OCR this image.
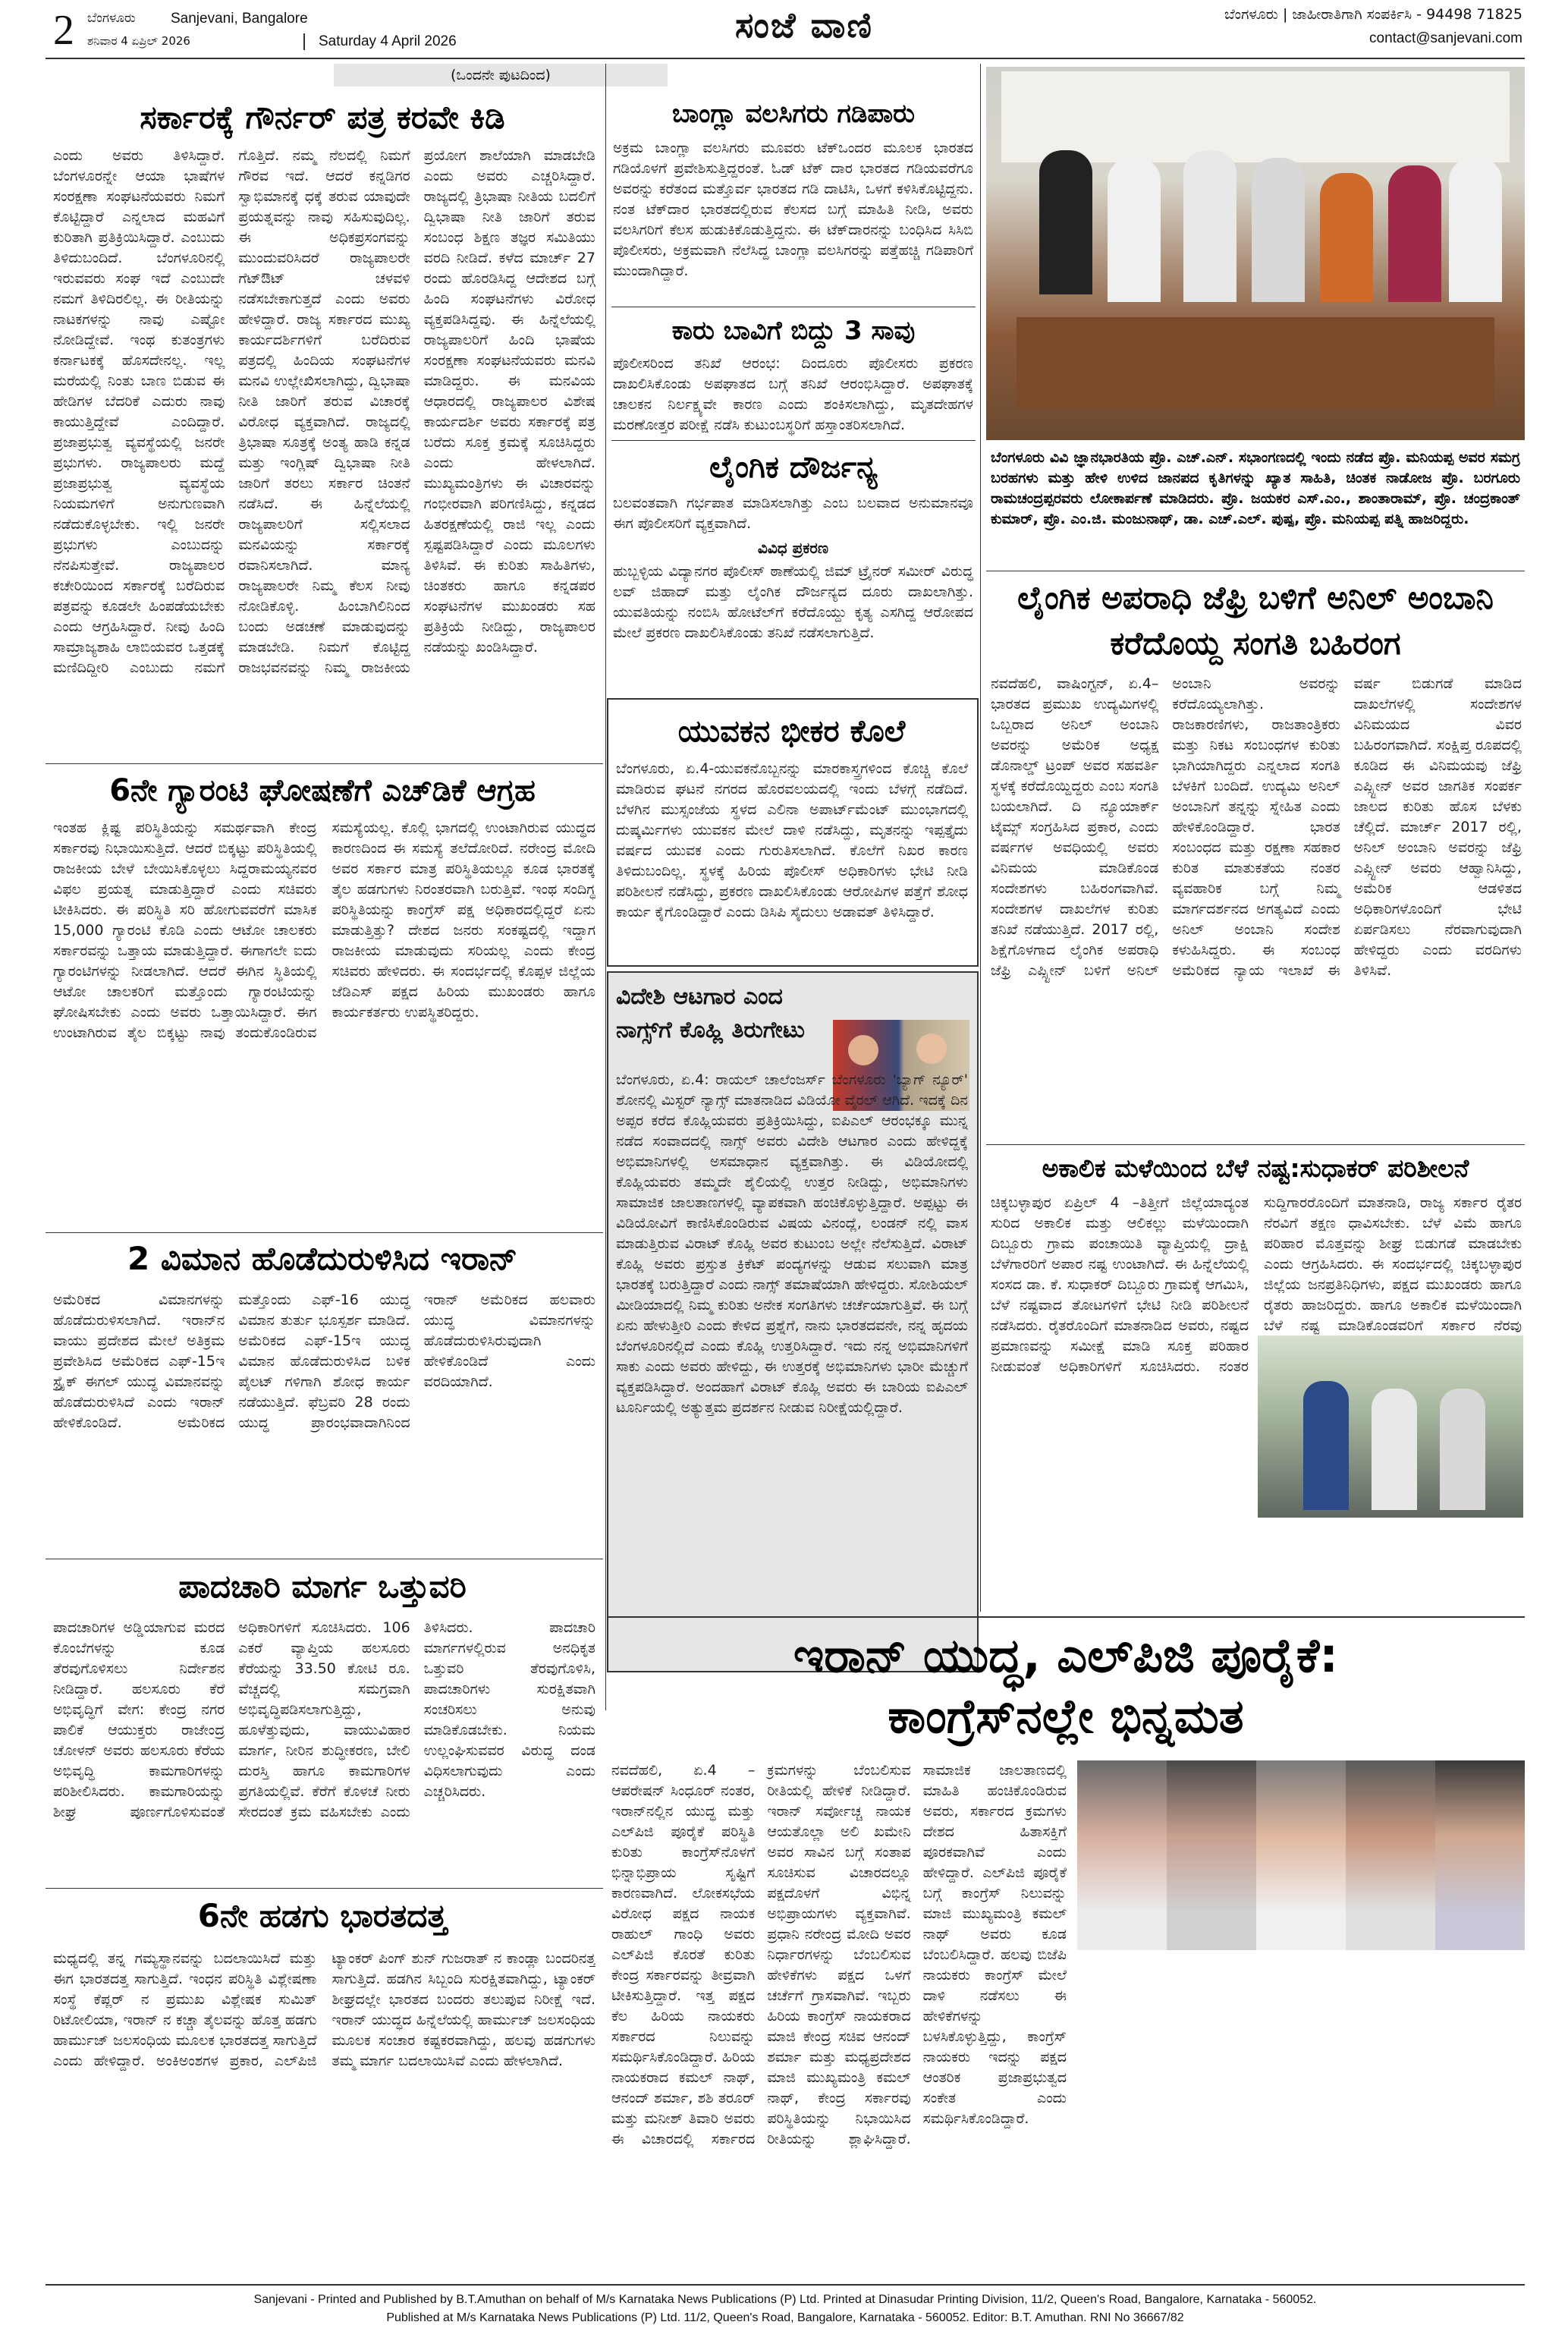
2 ಬೆಂಗಳೂರು Sanjevani, Bangalore
ಶನಿವಾರ 4 ಏಪ್ರಿಲ್ 2026	Saturday 4 April 2026	ಸಂಜೆ ವಾಣಿ	ಬೆಂಗಳೂರು | ಜಾಹೀರಾತಿಗಾಗಿ ಸಂಪರ್ಕಿಸಿ - 94498 71825
contact@sanjevani.com
(ಒಂದನೇ ಪುಟದಿಂದ)
ಸರ್ಕಾರಕ್ಕೆ ಗೌರ್ನರ್ ಪತ್ರ ಕರವೇ ಕಿಡಿ
ಎಂದು ಅವರು ತಿಳಿಸಿದ್ದಾರೆ. ಬೆಂಗಳೂರನ್ನೇ ಆಯಾ ಭಾಷೆಗಳ ಸಂರಕ್ಷಣಾ ಸಂಘಟನೆಯವರು ನಿಮಗೆ ಕೊಟ್ಟಿದ್ದಾರೆ ಎನ್ನಲಾದ ಮಹವಿಗೆ ಕುರಿತಾಗಿ ಪ್ರತಿಕ್ರಿಯಿಸಿದ್ದಾರೆ. ಎಂಬುದು ತಿಳಿದುಬಂದಿದೆ. ಬೆಂಗಳೂರಿನಲ್ಲಿ ಇರುವವರು ಸಂಘ ಇದೆ ಎಂಬುದೇ ನಮಗೆ ತಿಳಿದಿರಲಿಲ್ಲ. ಈ ರೀತಿಯನ್ನು ನಾಟಕಗಳನ್ನು ನಾವು ಎಷ್ಟೋ ನೋಡಿದ್ದೇವೆ. ಇಂಥ ಕುತಂತ್ರಗಳು ಕರ್ನಾಟಕಕ್ಕೆ ಹೊಸದೇನಲ್ಲ. ಇಲ್ಲ ಮರೆಯಲ್ಲಿ ನಿಂತು ಬಾಣ ಬಿಡುವ ಈ ಹೇಡಿಗಳ ಬೆದರಿಕೆ ಎದುರು ನಾವು ಕಾಯುತ್ತಿದ್ದೇವೆ ಎಂದಿದ್ದಾರೆ. ಪ್ರಜಾಪ್ರಭುತ್ವ ವ್ಯವಸ್ಥೆಯಲ್ಲಿ ಜನರೇ ಪ್ರಭುಗಳು. ರಾಜ್ಯಪಾಲರು ಮದ್ದೆ ಪ್ರಜಾಪ್ರಭುತ್ವ ವ್ಯವಸ್ಥೆಯ ನಿಯಮಗಳಿಗೆ ಅನುಗುಣವಾಗಿ ನಡೆದುಕೊಳ್ಳಬೇಕು. ಇಲ್ಲಿ ಜನರೇ ಪ್ರಭುಗಳು ಎಂಬುದನ್ನು ನೆನಪಿಸುತ್ತೇವೆ. ರಾಜ್ಯಪಾಲರ ಕಚೇರಿಯಿಂದ ಸರ್ಕಾರಕ್ಕೆ ಬರೆದಿರುವ ಪತ್ರವನ್ನು ಕೂಡಲೇ ಹಿಂಪಡೆಯಬೇಕು ಎಂದು ಆಗ್ರಹಿಸಿದ್ದಾರೆ. ನೀವು ಹಿಂದಿ ಸಾಮ್ರಾಜ್ಯಶಾಹಿ ಲಾಬಿಯವರ ಒತ್ತಡಕ್ಕೆ ಮಣಿದಿದ್ದೀರಿ ಎಂಬುದು ನಮಗೆ ಗೊತ್ತಿದೆ. ನಮ್ಮ ನೆಲದಲ್ಲಿ ನಿಮಗೆ ಗೌರವ ಇದೆ. ಆದರೆ ಕನ್ನಡಿಗರ ಸ್ವಾಭಿಮಾನಕ್ಕೆ ಧಕ್ಕೆ ತರುವ ಯಾವುದೇ ಪ್ರಯತ್ನವನ್ನು ನಾವು ಸಹಿಸುವುದಿಲ್ಲ. ಈ ಅಧಿಕಪ್ರಸಂಗವನ್ನು ಮುಂದುವರಿಸಿದರೆ ರಾಜ್ಯಪಾಲರೇ ಗೆಟ್‌ಔಟ್ ಚಳವಳಿ ನಡೆಸಬೇಕಾಗುತ್ತದೆ ಎಂದು ಅವರು ಹೇಳಿದ್ದಾರೆ. ರಾಜ್ಯ ಸರ್ಕಾರದ ಮುಖ್ಯ ಕಾರ್ಯದರ್ಶಿಗಳಿಗೆ ಬರೆದಿರುವ ಪತ್ರದಲ್ಲಿ ಹಿಂದಿಯ ಸಂಘಟನೆಗಳ ಮನವಿ ಉಲ್ಲೇಖಿಸಲಾಗಿದ್ದು, ದ್ವಿಭಾಷಾ ನೀತಿ ಜಾರಿಗೆ ತರುವ ವಿಚಾರಕ್ಕೆ ವಿರೋಧ ವ್ಯಕ್ತವಾಗಿದೆ. ರಾಜ್ಯದಲ್ಲಿ ತ್ರಿಭಾಷಾ ಸೂತ್ರಕ್ಕೆ ಅಂತ್ಯ ಹಾಡಿ ಕನ್ನಡ ಮತ್ತು ಇಂಗ್ಲಿಷ್ ದ್ವಿಭಾಷಾ ನೀತಿ ಜಾರಿಗೆ ತರಲು ಸರ್ಕಾರ ಚಿಂತನೆ ನಡೆಸಿದೆ. ಈ ಹಿನ್ನೆಲೆಯಲ್ಲಿ ರಾಜ್ಯಪಾಲರಿಗೆ ಸಲ್ಲಿಸಲಾದ ಮನವಿಯನ್ನು ಸರ್ಕಾರಕ್ಕೆ ರವಾನಿಸಲಾಗಿದೆ. ಮಾನ್ಯ ರಾಜ್ಯಪಾಲರೇ ನಿಮ್ಮ ಕೆಲಸ ನೀವು ನೋಡಿಕೊಳ್ಳಿ. ಹಿಂಬಾಗಿಲಿನಿಂದ ಬಂದು ಅಡಚಣೆ ಮಾಡುವುದನ್ನು ಮಾಡಬೇಡಿ. ನಿಮಗೆ ಕೊಟ್ಟಿದ್ದ ರಾಜಭವನವನ್ನು ನಿಮ್ಮ ರಾಜಕೀಯ ಪ್ರಯೋಗ ಶಾಲೆಯಾಗಿ ಮಾಡಬೇಡಿ ಎಂದು ಅವರು ಎಚ್ಚರಿಸಿದ್ದಾರೆ. ರಾಜ್ಯದಲ್ಲಿ ತ್ರಿಭಾಷಾ ನೀತಿಯ ಬದಲಿಗೆ ದ್ವಿಭಾಷಾ ನೀತಿ ಜಾರಿಗೆ ತರುವ ಸಂಬಂಧ ಶಿಕ್ಷಣ ತಜ್ಞರ ಸಮಿತಿಯು ವರದಿ ನೀಡಿದೆ. ಕಳೆದ ಮಾರ್ಚ್ 27 ರಂದು ಹೊರಡಿಸಿದ್ದ ಆದೇಶದ ಬಗ್ಗೆ ಹಿಂದಿ ಸಂಘಟನೆಗಳು ವಿರೋಧ ವ್ಯಕ್ತಪಡಿಸಿದ್ದವು. ಈ ಹಿನ್ನೆಲೆಯಲ್ಲಿ ರಾಜ್ಯಪಾಲರಿಗೆ ಹಿಂದಿ ಭಾಷೆಯ ಸಂರಕ್ಷಣಾ ಸಂಘಟನೆಯವರು ಮನವಿ ಮಾಡಿದ್ದರು. ಈ ಮನವಿಯ ಆಧಾರದಲ್ಲಿ ರಾಜ್ಯಪಾಲರ ವಿಶೇಷ ಕಾರ್ಯದರ್ಶಿ ಅವರು ಸರ್ಕಾರಕ್ಕೆ ಪತ್ರ ಬರೆದು ಸೂಕ್ತ ಕ್ರಮಕ್ಕೆ ಸೂಚಿಸಿದ್ದರು ಎಂದು ಹೇಳಲಾಗಿದೆ. ಮುಖ್ಯಮಂತ್ರಿಗಳು ಈ ವಿಚಾರವನ್ನು ಗಂಭೀರವಾಗಿ ಪರಿಗಣಿಸಿದ್ದು, ಕನ್ನಡದ ಹಿತರಕ್ಷಣೆಯಲ್ಲಿ ರಾಜಿ ಇಲ್ಲ ಎಂದು ಸ್ಪಷ್ಟಪಡಿಸಿದ್ದಾರೆ ಎಂದು ಮೂಲಗಳು ತಿಳಿಸಿವೆ. ಈ ಕುರಿತು ಸಾಹಿತಿಗಳು, ಚಿಂತಕರು ಹಾಗೂ ಕನ್ನಡಪರ ಸಂಘಟನೆಗಳ ಮುಖಂಡರು ಸಹ ಪ್ರತಿಕ್ರಿಯೆ ನೀಡಿದ್ದು, ರಾಜ್ಯಪಾಲರ ನಡೆಯನ್ನು ಖಂಡಿಸಿದ್ದಾರೆ.
6ನೇ ಗ್ಯಾರಂಟಿ ಘೋಷಣೆಗೆ ಎಚ್‌ಡಿಕೆ ಆಗ್ರಹ
ಇಂತಹ ಕ್ಲಿಷ್ಟ ಪರಿಸ್ಥಿತಿಯನ್ನು ಸಮರ್ಥವಾಗಿ ಕೇಂದ್ರ ಸರ್ಕಾರವು ನಿಭಾಯಿಸುತ್ತಿದೆ. ಆದರೆ ಬಿಕ್ಕಟ್ಟು ಪರಿಸ್ಥಿತಿಯಲ್ಲಿ ರಾಜಕೀಯ ಬೇಳೆ ಬೇಯಿಸಿಕೊಳ್ಳಲು ಸಿದ್ದರಾಮಯ್ಯನವರ ವಿಫಲ ಪ್ರಯತ್ನ ಮಾಡುತ್ತಿದ್ದಾರೆ ಎಂದು ಸಚಿವರು ಟೀಕಿಸಿದರು. ಈ ಪರಿಸ್ಥಿತಿ ಸರಿ ಹೋಗುವವರೆಗೆ ಮಾಸಿಕ 15,000 ಗ್ಯಾರಂಟಿ ಕೊಡಿ ಎಂದು ಆಟೋ ಚಾಲಕರು ಸರ್ಕಾರವನ್ನು ಒತ್ತಾಯ ಮಾಡುತ್ತಿದ್ದಾರೆ. ಈಗಾಗಲೇ ಐದು ಗ್ಯಾರಂಟಿಗಳನ್ನು ನೀಡಲಾಗಿದೆ. ಆದರೆ ಈಗಿನ ಸ್ಥಿತಿಯಲ್ಲಿ ಆಟೋ ಚಾಲಕರಿಗೆ ಮತ್ತೊಂದು ಗ್ಯಾರಂಟಿಯನ್ನು ಘೋಷಿಸಬೇಕು ಎಂದು ಅವರು ಒತ್ತಾಯಿಸಿದ್ದಾರೆ. ಈಗ ಉಂಟಾಗಿರುವ ತೈಲ ಬಿಕ್ಕಟ್ಟು ನಾವು ತಂದುಕೊಂಡಿರುವ ಸಮಸ್ಯೆಯಲ್ಲ. ಕೊಲ್ಲಿ ಭಾಗದಲ್ಲಿ ಉಂಟಾಗಿರುವ ಯುದ್ಧದ ಕಾರಣದಿಂದ ಈ ಸಮಸ್ಯೆ ತಲೆದೋರಿದೆ. ನರೇಂದ್ರ ಮೋದಿ ಅವರ ಸರ್ಕಾರ ಮಾತ್ರ ಪರಿಸ್ಥಿತಿಯಲ್ಲೂ ಕೂಡ ಭಾರತಕ್ಕೆ ತೈಲ ಹಡಗುಗಳು ನಿರಂತರವಾಗಿ ಬರುತ್ತಿವೆ. ಇಂಥ ಸಂದಿಗ್ಧ ಪರಿಸ್ಥಿತಿಯನ್ನು ಕಾಂಗ್ರೆಸ್ ಪಕ್ಷ ಅಧಿಕಾರದಲ್ಲಿದ್ದರೆ ಏನು ಮಾಡುತ್ತಿತ್ತು? ದೇಶದ ಜನರು ಸಂಕಷ್ಟದಲ್ಲಿ ಇದ್ದಾಗ ರಾಜಕೀಯ ಮಾಡುವುದು ಸರಿಯಲ್ಲ ಎಂದು ಕೇಂದ್ರ ಸಚಿವರು ಹೇಳಿದರು. ಈ ಸಂದರ್ಭದಲ್ಲಿ ಕೊಪ್ಪಳ ಜಿಲ್ಲೆಯ ಜೆಡಿಎಸ್ ಪಕ್ಷದ ಹಿರಿಯ ಮುಖಂಡರು ಹಾಗೂ ಕಾರ್ಯಕರ್ತರು ಉಪಸ್ಥಿತರಿದ್ದರು.
2 ವಿಮಾನ ಹೊಡೆದುರುಳಿಸಿದ ಇರಾನ್
ಅಮೆರಿಕದ ವಿಮಾನಗಳನ್ನು ಹೊಡೆದುರುಳಿಸಲಾಗಿದೆ. ಇರಾನ್‌ನ ವಾಯು ಪ್ರದೇಶದ ಮೇಲೆ ಅತಿಕ್ರಮ ಪ್ರವೇಶಿಸಿದ ಅಮೆರಿಕದ ಎಫ್‌-15ಇ ಸ್ಟ್ರೈಕ್ ಈಗಲ್ ಯುದ್ಧ ವಿಮಾನವನ್ನು ಹೊಡೆದುರುಳಿಸಿದೆ ಎಂದು ಇರಾನ್ ಹೇಳಿಕೊಂಡಿದೆ. ಅಮೆರಿಕದ ಮತ್ತೊಂದು ಎಫ್-16 ಯುದ್ಧ ವಿಮಾನ ತುರ್ತು ಭೂಸ್ಪರ್ಶ ಮಾಡಿದೆ. ಅಮೆರಿಕದ ಎಫ್‌-15ಇ ಯುದ್ಧ ವಿಮಾನ ಹೊಡೆದುರುಳಿಸಿದ ಬಳಿಕ ಪೈಲಟ್ ಗಳಿಗಾಗಿ ಶೋಧ ಕಾರ್ಯ ನಡೆಯುತ್ತಿದೆ. ಫೆಬ್ರವರಿ 28 ರಂದು ಯುದ್ಧ ಪ್ರಾರಂಭವಾದಾಗಿನಿಂದ ಇರಾನ್ ಅಮೆರಿಕದ ಹಲವಾರು ಯುದ್ಧ ವಿಮಾನಗಳನ್ನು ಹೊಡೆದುರುಳಿಸಿರುವುದಾಗಿ ಹೇಳಿಕೊಂಡಿದೆ ಎಂದು ವರದಿಯಾಗಿದೆ.
ಪಾದಚಾರಿ ಮಾರ್ಗ ಒತ್ತುವರಿ
ಪಾದಚಾರಿಗಳ ಅಡ್ಡಿಯಾಗುವ ಮರದ ಕೊಂಬೆಗಳನ್ನು ಕೂಡ ತೆರವುಗೊಳಿಸಲು ನಿರ್ದೇಶನ ನೀಡಿದ್ದಾರೆ. ಹಲಸೂರು ಕೆರೆ ಅಭಿವೃದ್ಧಿಗೆ ವೇಗ: ಕೇಂದ್ರ ನಗರ ಪಾಲಿಕೆ ಆಯುಕ್ತರು ರಾಜೇಂದ್ರ ಚೋಳನ್ ಅವರು ಹಲಸೂರು ಕೆರೆಯ ಅಭಿವೃದ್ಧಿ ಕಾಮಗಾರಿಗಳನ್ನು ಪರಿಶೀಲಿಸಿದರು. ಕಾಮಗಾರಿಯನ್ನು ಶೀಘ್ರ ಪೂರ್ಣಗೊಳಿಸುವಂತೆ ಅಧಿಕಾರಿಗಳಿಗೆ ಸೂಚಿಸಿದರು. 106 ಎಕರೆ ವ್ಯಾಪ್ತಿಯ ಹಲಸೂರು ಕೆರೆಯನ್ನು 33.50 ಕೋಟಿ ರೂ. ವೆಚ್ಚದಲ್ಲಿ ಸಮಗ್ರವಾಗಿ ಅಭಿವೃದ್ಧಿಪಡಿಸಲಾಗುತ್ತಿದ್ದು, ಹೂಳೆತ್ತುವುದು, ವಾಯುವಿಹಾರ ಮಾರ್ಗ, ನೀರಿನ ಶುದ್ಧೀಕರಣ, ಬೇಲಿ ದುರಸ್ತಿ ಹಾಗೂ ಕಾಮಗಾರಿಗಳ ಪ್ರಗತಿಯಲ್ಲಿವೆ. ಕೆರೆಗೆ ಕೊಳಚೆ ನೀರು ಸೇರದಂತೆ ಕ್ರಮ ವಹಿಸಬೇಕು ಎಂದು ತಿಳಿಸಿದರು. ಪಾದಚಾರಿ ಮಾರ್ಗಗಳಲ್ಲಿರುವ ಅನಧಿಕೃತ ಒತ್ತುವರಿ ತೆರವುಗೊಳಿಸಿ, ಪಾದಚಾರಿಗಳು ಸುರಕ್ಷಿತವಾಗಿ ಸಂಚರಿಸಲು ಅನುವು ಮಾಡಿಕೊಡಬೇಕು. ನಿಯಮ ಉಲ್ಲಂಘಿಸುವವರ ವಿರುದ್ಧ ದಂಡ ವಿಧಿಸಲಾಗುವುದು ಎಂದು ಎಚ್ಚರಿಸಿದರು.
6ನೇ ಹಡಗು ಭಾರತದತ್ತ
ಮಧ್ಯದಲ್ಲಿ ತನ್ನ ಗಮ್ಯಸ್ಥಾನವನ್ನು ಬದಲಾಯಿಸಿದೆ ಮತ್ತು ಈಗ ಭಾರತದತ್ತ ಸಾಗುತ್ತಿದೆ. ಇಂಧನ ಪರಿಸ್ಥಿತಿ ವಿಶ್ಲೇಷಣಾ ಸಂಸ್ಥೆ ಕೆಪ್ಲರ್ ನ ಪ್ರಮುಖ ವಿಶ್ಲೇಷಕ ಸುಮಿತ್ ರಿಟೋಲಿಯಾ, ಇರಾನ್ ನ ಕಚ್ಚಾ ತೈಲವನ್ನು ಹೊತ್ತ ಹಡಗು ಹಾರ್ಮುಜ್ ಜಲಸಂಧಿಯ ಮೂಲಕ ಭಾರತದತ್ತ ಸಾಗುತ್ತಿದೆ ಎಂದು ಹೇಳಿದ್ದಾರೆ. ಅಂಕಿಅಂಶಗಳ ಪ್ರಕಾರ, ಎಲ್‌ಪಿಜಿ ಟ್ಯಾಂಕರ್ ಪಿಂಗ್ ಶುನ್ ಗುಜರಾತ್ ನ ಕಾಂಡ್ಲಾ ಬಂದರಿನತ್ತ ಸಾಗುತ್ತಿದೆ. ಹಡಗಿನ ಸಿಬ್ಬಂದಿ ಸುರಕ್ಷಿತವಾಗಿದ್ದು, ಟ್ಯಾಂಕರ್ ಶೀಘ್ರದಲ್ಲೇ ಭಾರತದ ಬಂದರು ತಲುಪುವ ನಿರೀಕ್ಷೆ ಇದೆ. ಇರಾನ್ ಯುದ್ಧದ ಹಿನ್ನೆಲೆಯಲ್ಲಿ ಹಾರ್ಮುಜ್ ಜಲಸಂಧಿಯ ಮೂಲಕ ಸಂಚಾರ ಕಷ್ಟಕರವಾಗಿದ್ದು, ಹಲವು ಹಡಗುಗಳು ತಮ್ಮ ಮಾರ್ಗ ಬದಲಾಯಿಸಿವೆ ಎಂದು ಹೇಳಲಾಗಿದೆ.
ಬಾಂಗ್ಲಾ ವಲಸಿಗರು ಗಡಿಪಾರು
ಅಕ್ರಮ ಬಾಂಗ್ಲಾ ವಲಸಿಗರು ಮೂವರು ಟೆಕ್‌ಒಂದರ ಮೂಲಕ ಭಾರತದ ಗಡಿಯೊಳಗೆ ಪ್ರವೇಶಿಸುತ್ತಿದ್ದರಂತೆ. ಓಡ್ ಟೆಕ್ ದಾರ ಭಾರತದ ಗಡಿಯವರೆಗೂ ಅವರನ್ನು ಕರೆತಂದ ಮತ್ತೊರ್ವ ಭಾರತದ ಗಡಿ ದಾಟಿಸಿ, ಒಳಗೆ ಕಳಿಸಿಕೊಟ್ಟಿದ್ದನು. ನಂತ ಟೆಕ್‌ದಾರ ಭಾರತದಲ್ಲಿರುವ ಕೆಲಸದ ಬಗ್ಗೆ ಮಾಹಿತಿ ನೀಡಿ, ಅವರು ವಲಸಿಗರಿಗೆ ಕೆಲಸ ಹುಡುಕಿಕೊಡುತ್ತಿದ್ದನು. ಈ ಟೆಕ್‌ದಾರನನ್ನು ಬಂಧಿಸಿದ ಸಿಸಿಬಿ ಪೊಲೀಸರು, ಅಕ್ರಮವಾಗಿ ನೆಲೆಸಿದ್ದ ಬಾಂಗ್ಲಾ ವಲಸಿಗರನ್ನು ಪತ್ತೆಹಚ್ಚಿ ಗಡಿಪಾರಿಗೆ ಮುಂದಾಗಿದ್ದಾರೆ.
ಕಾರು ಬಾವಿಗೆ ಬಿದ್ದು 3 ಸಾವು
ಪೊಲೀಸರಿಂದ ತನಿಖೆ ಆರಂಭ: ದಿಂದೂರು ಪೊಲೀಸರು ಪ್ರಕರಣ ದಾಖಲಿಸಿಕೊಂಡು ಅಪಘಾತದ ಬಗ್ಗೆ ತನಿಖೆ ಆರಂಭಿಸಿದ್ದಾರೆ. ಅಪಘಾತಕ್ಕೆ ಚಾಲಕನ ನಿರ್ಲಕ್ಷ್ಯವೇ ಕಾರಣ ಎಂದು ಶಂಕಿಸಲಾಗಿದ್ದು, ಮೃತದೇಹಗಳ ಮರಣೋತ್ತರ ಪರೀಕ್ಷೆ ನಡೆಸಿ ಕುಟುಂಬಸ್ಥರಿಗೆ ಹಸ್ತಾಂತರಿಸಲಾಗಿದೆ.
ಲೈಂಗಿಕ ದೌರ್ಜನ್ಯ
ಬಲವಂತವಾಗಿ ಗರ್ಭಪಾತ ಮಾಡಿಸಲಾಗಿತ್ತು ಎಂಬ ಬಲವಾದ ಅನುಮಾನವೂ ಈಗ ಪೊಲೀಸರಿಗೆ ವ್ಯಕ್ತವಾಗಿದೆ.
ವಿವಿಧ ಪ್ರಕರಣ
ಹುಬ್ಬಳ್ಳಿಯ ವಿದ್ಯಾನಗರ ಪೊಲೀಸ್ ಠಾಣೆಯಲ್ಲಿ ಜಿಮ್ ಟ್ರೈನರ್ ಸಮೀರ್ ವಿರುದ್ಧ ಲವ್ ಜಿಹಾದ್ ಮತ್ತು ಲೈಂಗಿಕ ದೌರ್ಜನ್ಯದ ದೂರು ದಾಖಲಾಗಿತ್ತು. ಯುವತಿಯನ್ನು ನಂಬಿಸಿ ಹೋಟೆಲ್‌ಗೆ ಕರೆದೊಯ್ದು ಕೃತ್ಯ ಎಸಗಿದ್ದ ಆರೋಪದ ಮೇಲೆ ಪ್ರಕರಣ ದಾಖಲಿಸಿಕೊಂಡು ತನಿಖೆ ನಡೆಸಲಾಗುತ್ತಿದೆ.
ಯುವಕನ ಭೀಕರ ಕೊಲೆ
ಬೆಂಗಳೂರು, ಏ.4-ಯುವಕನೊಬ್ಬನನ್ನು ಮಾರಕಾಸ್ತ್ರಗಳಿಂದ ಕೊಚ್ಚಿ ಕೊಲೆ ಮಾಡಿರುವ ಘಟನೆ ನಗರದ ಹೊರವಲಯದಲ್ಲಿ ಇಂದು ಬೆಳಗ್ಗೆ ನಡೆದಿದೆ. ಬೆಳಗಿನ ಮುಸ್ಸಂಜೆಯ ಸ್ಥಳದ ಎಲಿನಾ ಅಪಾರ್ಟ್‌ಮೆಂಟ್ ಮುಂಭಾಗದಲ್ಲಿ ದುಷ್ಕರ್ಮಿಗಳು ಯುವಕನ ಮೇಲೆ ದಾಳಿ ನಡೆಸಿದ್ದು, ಮೃತನನ್ನು ಇಪ್ಪತ್ತೈದು ವರ್ಷದ ಯುವಕ ಎಂದು ಗುರುತಿಸಲಾಗಿದೆ. ಕೊಲೆಗೆ ನಿಖರ ಕಾರಣ ತಿಳಿದುಬಂದಿಲ್ಲ. ಸ್ಥಳಕ್ಕೆ ಹಿರಿಯ ಪೊಲೀಸ್ ಅಧಿಕಾರಿಗಳು ಭೇಟಿ ನೀಡಿ ಪರಿಶೀಲನೆ ನಡೆಸಿದ್ದು, ಪ್ರಕರಣ ದಾಖಲಿಸಿಕೊಂಡು ಆರೋಪಿಗಳ ಪತ್ತೆಗೆ ಶೋಧ ಕಾರ್ಯ ಕೈಗೊಂಡಿದ್ದಾರೆ ಎಂದು ಡಿಸಿಪಿ ಸೈದುಲು ಅಡಾವತ್ ತಿಳಿಸಿದ್ದಾರೆ.
ವಿದೇಶಿ ಆಟಗಾರ ಎಂದ ನಾಗ್ಸ್‌ಗೆ ಕೊಹ್ಲಿ ತಿರುಗೇಟು
ಬೆಂಗಳೂರು, ಏ.4: ರಾಯಲ್ ಚಾಲೆಂಜರ್ಸ್ ಬೆಂಗಳೂರು 'ಬ್ಯಾಗ್ ನ್ಯೂರ್' ಶೋನಲ್ಲಿ ಮಿಸ್ಟರ್ ನ್ಯಾಗ್ಸ್ ಮಾತನಾಡಿದ ವಿಡಿಯೋ ವೈರಲ್ ಆಗಿದೆ. ಇದಕ್ಕೆ ದಿನ ಅಪ್ಪರ ಕರೆದ ಕೊಹ್ಲಿಯವರು ಪ್ರತಿಕ್ರಿಯಿಸಿದ್ದು, ಐಪಿಎಲ್ ಆರಂಭಕ್ಕೂ ಮುನ್ನ ನಡೆದ ಸಂವಾದದಲ್ಲಿ ನಾಗ್ಸ್ ಅವರು ವಿದೇಶಿ ಆಟಗಾರ ಎಂದು ಹೇಳಿದ್ದಕ್ಕೆ ಅಭಿಮಾನಿಗಳಲ್ಲಿ ಅಸಮಾಧಾನ ವ್ಯಕ್ತವಾಗಿತ್ತು. ಈ ವಿಡಿಯೋದಲ್ಲಿ ಕೊಹ್ಲಿಯವರು ತಮ್ಮದೇ ಶೈಲಿಯಲ್ಲಿ ಉತ್ತರ ನೀಡಿದ್ದು, ಅಭಿಮಾನಿಗಳು ಸಾಮಾಜಿಕ ಜಾಲತಾಣಗಳಲ್ಲಿ ವ್ಯಾಪಕವಾಗಿ ಹಂಚಿಕೊಳ್ಳುತ್ತಿದ್ದಾರೆ. ಅಪ್ಪಟ್ಟು ಈ ವಿಡಿಯೋವಿಗೆ ಕಾಣಿಸಿಕೊಂಡಿರುವ ವಿಷಯ ವಿನಂದ್ಲೆ, ಲಂಡನ್ ನಲ್ಲಿ ವಾಸ ಮಾಡುತ್ತಿರುವ ವಿರಾಟ್ ಕೊಹ್ಲಿ ಅವರ ಕುಟುಂಬ ಅಲ್ಲೇ ನೆಲೆಸುತ್ತಿದೆ. ವಿರಾಟ್ ಕೊಹ್ಲಿ ಅವರು ಪ್ರಸ್ತುತ ಕ್ರಿಕೆಟ್ ಪಂದ್ಯಗಳನ್ನು ಆಡುವ ಸಲುವಾಗಿ ಮಾತ್ರ ಭಾರತಕ್ಕೆ ಬರುತ್ತಿದ್ದಾರೆ ಎಂದು ನಾಗ್ಸ್ ತಮಾಷೆಯಾಗಿ ಹೇಳಿದ್ದರು. ಸೋಶಿಯಲ್ ಮೀಡಿಯಾದಲ್ಲಿ ನಿಮ್ಮ ಕುರಿತು ಅನೇಕ ಸಂಗತಿಗಳು ಚರ್ಚೆಯಾಗುತ್ತಿವೆ. ಈ ಬಗ್ಗೆ ಏನು ಹೇಳುತ್ತೀರಿ ಎಂದು ಕೇಳಿದ ಪ್ರಶ್ನೆಗೆ, ನಾನು ಭಾರತದವನೇ, ನನ್ನ ಹೃದಯ ಬೆಂಗಳೂರಿನಲ್ಲಿದೆ ಎಂದು ಕೊಹ್ಲಿ ಉತ್ತರಿಸಿದ್ದಾರೆ. ಇದು ನನ್ನ ಅಭಿಮಾನಿಗಳಿಗೆ ಸಾಕು ಎಂದು ಅವರು ಹೇಳಿದ್ದು, ಈ ಉತ್ತರಕ್ಕೆ ಅಭಿಮಾನಿಗಳು ಭಾರೀ ಮೆಚ್ಚುಗೆ ವ್ಯಕ್ತಪಡಿಸಿದ್ದಾರೆ. ಅಂದಹಾಗೆ ವಿರಾಟ್ ಕೊಹ್ಲಿ ಅವರು ಈ ಬಾರಿಯ ಐಪಿಎಲ್ ಟೂರ್ನಿಯಲ್ಲಿ ಅತ್ಯುತ್ತಮ ಪ್ರದರ್ಶನ ನೀಡುವ ನಿರೀಕ್ಷೆಯಲ್ಲಿದ್ದಾರೆ.
ಬೆಂಗಳೂರು ವಿವಿ ಜ್ಞಾನಭಾರತಿಯ ಪ್ರೊ. ಎಚ್.ಎನ್. ಸಭಾಂಗಣದಲ್ಲಿ ಇಂದು ನಡೆದ ಪ್ರೊ. ಮನಿಯಪ್ಪ ಅವರ ಸಮಗ್ರ ಬರಹಗಳು ಮತ್ತು ಹೇಳಿ ಉಳಿದ ಜಾನಪದ ಕೃತಿಗಳನ್ನು ಖ್ಯಾತ ಸಾಹಿತಿ, ಚಿಂತಕ ನಾಡೋಜ ಪ್ರೊ. ಬರಗೂರು ರಾಮಚಂದ್ರಪ್ಪರವರು ಲೋಕಾರ್ಪಣೆ ಮಾಡಿದರು. ಪ್ರೊ. ಜಯಕರ ಎಸ್.ಎಂ., ಶಾಂತಾರಾಮ್, ಪ್ರೊ. ಚಂದ್ರಕಾಂತ್ ಕುಮಾರ್, ಪ್ರೊ. ಎಂ.ಜಿ. ಮಂಜುನಾಥ್, ಡಾ. ಎಚ್.ಎಲ್. ಪುಷ್ಪ, ಪ್ರೊ. ಮನಿಯಪ್ಪ ಪತ್ನಿ ಹಾಜರಿದ್ದರು.
ಲೈಂಗಿಕ ಅಪರಾಧಿ ಜೆಫ್ರಿ ಬಳಿಗೆ ಅನಿಲ್ ಅಂಬಾನಿ ಕರೆದೊಯ್ದ ಸಂಗತಿ ಬಹಿರಂಗ
ನವದೆಹಲಿ, ವಾಷಿಂಗ್ಟನ್, ಏ.4– ಭಾರತದ ಪ್ರಮುಖ ಉದ್ಯಮಿಗಳಲ್ಲಿ ಒಬ್ಬರಾದ ಅನಿಲ್ ಅಂಬಾನಿ ಅವರನ್ನು ಅಮೆರಿಕ ಅಧ್ಯಕ್ಷ ಡೊನಾಲ್ಡ್ ಟ್ರಂಪ್ ಅವರ ಸಹವರ್ತಿ ಸ್ಥಳಕ್ಕೆ ಕರೆದೊಯ್ದಿದ್ದರು ಎಂಬ ಸಂಗತಿ ಬಯಲಾಗಿದೆ. ದಿ ನ್ಯೂಯಾರ್ಕ್ ಟೈಮ್ಸ್ ಸಂಗ್ರಹಿಸಿದ ಪ್ರಕಾರ, ಎಂದು ವರ್ಷಗಳ ಅವಧಿಯಲ್ಲಿ ಅವರು ವಿನಿಮಯ ಮಾಡಿಕೊಂಡ ಸಂದೇಶಗಳು ಬಹಿರಂಗವಾಗಿವೆ. ಸಂದೇಶಗಳ ದಾಖಲೆಗಳ ಕುರಿತು ತನಿಖೆ ನಡೆಯುತ್ತಿದೆ. 2017 ರಲ್ಲಿ, ಶಿಕ್ಷೆಗೊಳಗಾದ ಲೈಂಗಿಕ ಅಪರಾಧಿ ಜೆಫ್ರಿ ಎಪ್ಸ್ಟೀನ್ ಬಳಿಗೆ ಅನಿಲ್ ಅಂಬಾನಿ ಅವರನ್ನು ಕರೆದೊಯ್ಯಲಾಗಿತ್ತು. ರಾಜಕಾರಣಿಗಳು, ರಾಜತಾಂತ್ರಿಕರು ಮತ್ತು ನಿಕಟ ಸಂಬಂಧಗಳ ಕುರಿತು ಭಾಗಿಯಾಗಿದ್ದರು ಎನ್ನಲಾದ ಸಂಗತಿ ಬೆಳಕಿಗೆ ಬಂದಿದೆ. ಉದ್ಯಮಿ ಅನಿಲ್ ಅಂಬಾನಿಗೆ ತನ್ನನ್ನು ಸ್ನೇಹಿತ ಎಂದು ಹೇಳಿಕೊಂಡಿದ್ದಾರೆ. ಭಾರತ ಸಂಬಂಧದ ಮತ್ತು ರಕ್ಷಣಾ ಸಹಕಾರ ಕುರಿತ ಮಾತುಕತೆಯ ನಂತರ ವ್ಯವಹಾರಿಕ ಬಗ್ಗೆ ನಿಮ್ಮ ಮಾರ್ಗದರ್ಶನದ ಅಗತ್ಯವಿದೆ ಎಂದು ಅನಿಲ್ ಅಂಬಾನಿ ಸಂದೇಶ ಕಳುಹಿಸಿದ್ದರು. ಈ ಸಂಬಂಧ ಅಮೆರಿಕದ ನ್ಯಾಯ ಇಲಾಖೆ ಈ ವರ್ಷ ಬಿಡುಗಡೆ ಮಾಡಿದ ದಾಖಲೆಗಳಲ್ಲಿ ಸಂದೇಶಗಳ ವಿನಿಮಯದ ವಿವರ ಬಹಿರಂಗವಾಗಿದೆ. ಸಂಕ್ಷಿಪ್ತ ರೂಪದಲ್ಲಿ ಕೂಡಿದ ಈ ವಿನಿಮಯವು ಜೆಫ್ರಿ ಎಪ್ಸ್ಟೀನ್ ಅವರ ಜಾಗತಿಕ ಸಂಪರ್ಕ ಜಾಲದ ಕುರಿತು ಹೊಸ ಬೆಳಕು ಚೆಲ್ಲಿದೆ. ಮಾರ್ಚ್ 2017 ರಲ್ಲಿ, ಅನಿಲ್ ಅಂಬಾನಿ ಅವರನ್ನು ಜೆಫ್ರಿ ಎಪ್ಸ್ಟೀನ್ ಅವರು ಆಹ್ವಾನಿಸಿದ್ದು, ಅಮೆರಿಕ ಆಡಳಿತದ ಅಧಿಕಾರಿಗಳೊಂದಿಗೆ ಭೇಟಿ ಏರ್ಪಡಿಸಲು ನೆರವಾಗುವುದಾಗಿ ಹೇಳಿದ್ದರು ಎಂದು ವರದಿಗಳು ತಿಳಿಸಿವೆ.
ಅಕಾಲಿಕ ಮಳೆಯಿಂದ ಬೆಳೆ ನಷ್ಟ:ಸುಧಾಕರ್ ಪರಿಶೀಲನೆ
ಚಿಕ್ಕಬಳ್ಳಾಪುರ ಏಪ್ರಿಲ್ 4 –ತಿತ್ತೀಗೆ ಜಿಲ್ಲೆಯಾದ್ಯಂತ ಸುರಿದ ಅಕಾಲಿಕ ಮತ್ತು ಆಲಿಕಲ್ಲು ಮಳೆಯಿಂದಾಗಿ ದಿಬ್ಬೂರು ಗ್ರಾಮ ಪಂಚಾಯಿತಿ ವ್ಯಾಪ್ತಿಯಲ್ಲಿ ದ್ರಾಕ್ಷಿ ಬೆಳೆಗಾರರಿಗೆ ಅಪಾರ ನಷ್ಟ ಉಂಟಾಗಿದೆ. ಈ ಹಿನ್ನೆಲೆಯಲ್ಲಿ ಸಂಸದ ಡಾ. ಕೆ. ಸುಧಾಕರ್ ದಿಬ್ಬೂರು ಗ್ರಾಮಕ್ಕೆ ಆಗಮಿಸಿ, ಬೆಳೆ ನಷ್ಟವಾದ ತೋಟಗಳಿಗೆ ಭೇಟಿ ನೀಡಿ ಪರಿಶೀಲನೆ ನಡೆಸಿದರು. ರೈತರೊಂದಿಗೆ ಮಾತನಾಡಿದ ಅವರು, ನಷ್ಟದ ಪ್ರಮಾಣವನ್ನು ಸಮೀಕ್ಷೆ ಮಾಡಿ ಸೂಕ್ತ ಪರಿಹಾರ ನೀಡುವಂತೆ ಅಧಿಕಾರಿಗಳಿಗೆ ಸೂಚಿಸಿದರು. ನಂತರ ಸುದ್ದಿಗಾರರೊಂದಿಗೆ ಮಾತನಾಡಿ, ರಾಜ್ಯ ಸರ್ಕಾರ ರೈತರ ನೆರವಿಗೆ ತಕ್ಷಣ ಧಾವಿಸಬೇಕು. ಬೆಳೆ ವಿಮೆ ಹಾಗೂ ಪರಿಹಾರ ಮೊತ್ತವನ್ನು ಶೀಘ್ರ ಬಿಡುಗಡೆ ಮಾಡಬೇಕು ಎಂದು ಆಗ್ರಹಿಸಿದರು. ಈ ಸಂದರ್ಭದಲ್ಲಿ ಚಿಕ್ಕಬಳ್ಳಾಪುರ ಜಿಲ್ಲೆಯ ಜನಪ್ರತಿನಿಧಿಗಳು, ಪಕ್ಷದ ಮುಖಂಡರು ಹಾಗೂ ರೈತರು ಹಾಜರಿದ್ದರು. ಹಾಗೂ ಅಕಾಲಿಕ ಮಳೆಯಿಂದಾಗಿ ಬೆಳೆ ನಷ್ಟ ಮಾಡಿಕೊಂಡವರಿಗೆ ಸರ್ಕಾರ ನೆರವು
ಇರಾನ್ ಯುದ್ಧ, ಎಲ್‌ಪಿಜಿ ಪೂರೈಕೆ:
ಕಾಂಗ್ರೆಸ್‌ನಲ್ಲೇ ಭಿನ್ನಮತ
ನವದೆಹಲಿ, ಏ.4 –ಆಪರೇಷನ್ ಸಿಂಧೂರ್ ನಂತರ, ಇರಾನ್‌ನಲ್ಲಿನ ಯುದ್ಧ ಮತ್ತು ಎಲ್‌ಪಿಜಿ ಪೂರೈಕೆ ಪರಿಸ್ಥಿತಿ ಕುರಿತು ಕಾಂಗ್ರೆಸ್‌ನೊಳಗೆ ಭಿನ್ನಾಭಿಪ್ರಾಯ ಸೃಷ್ಟಿಗೆ ಕಾರಣವಾಗಿದೆ. ಲೋಕಸಭೆಯ ವಿರೋಧ ಪಕ್ಷದ ನಾಯಕ ರಾಹುಲ್ ಗಾಂಧಿ ಅವರು ಎಲ್‌ಪಿಜಿ ಕೊರತೆ ಕುರಿತು ಕೇಂದ್ರ ಸರ್ಕಾರವನ್ನು ತೀವ್ರವಾಗಿ ಟೀಕಿಸುತ್ತಿದ್ದಾರೆ. ಇತ್ತ ಪಕ್ಷದ ಕೆಲ ಹಿರಿಯ ನಾಯಕರು ಸರ್ಕಾರದ ನಿಲುವನ್ನು ಸಮರ್ಥಿಸಿಕೊಂಡಿದ್ದಾರೆ. ಹಿರಿಯ ನಾಯಕರಾದ ಕಮಲ್ ನಾಥ್, ಆನಂದ್ ಶರ್ಮಾ, ಶಶಿ ತರೂರ್ ಮತ್ತು ಮನೀಶ್ ತಿವಾರಿ ಅವರು ಈ ವಿಚಾರದಲ್ಲಿ ಸರ್ಕಾರದ ಕ್ರಮಗಳನ್ನು ಬೆಂಬಲಿಸುವ ರೀತಿಯಲ್ಲಿ ಹೇಳಿಕೆ ನೀಡಿದ್ದಾರೆ. ಇರಾನ್ ಸರ್ವೋಚ್ಚ ನಾಯಕ ಆಯತೊಲ್ಲಾ ಅಲಿ ಖಮೇನಿ ಅವರ ಸಾವಿನ ಬಗ್ಗೆ ಸಂತಾಪ ಸೂಚಿಸುವ ವಿಚಾರದಲ್ಲೂ ಪಕ್ಷದೊಳಗೆ ವಿಭಿನ್ನ ಅಭಿಪ್ರಾಯಗಳು ವ್ಯಕ್ತವಾಗಿವೆ. ಪ್ರಧಾನಿ ನರೇಂದ್ರ ಮೋದಿ ಅವರ ನಿರ್ಧಾರಗಳನ್ನು ಬೆಂಬಲಿಸುವ ಹೇಳಿಕೆಗಳು ಪಕ್ಷದ ಒಳಗೆ ಚರ್ಚೆಗೆ ಗ್ರಾಸವಾಗಿವೆ. ಇಬ್ಬರು ಹಿರಿಯ ಕಾಂಗ್ರೆಸ್ ನಾಯಕರಾದ ಮಾಜಿ ಕೇಂದ್ರ ಸಚಿವ ಆನಂದ್ ಶರ್ಮಾ ಮತ್ತು ಮಧ್ಯಪ್ರದೇಶದ ಮಾಜಿ ಮುಖ್ಯಮಂತ್ರಿ ಕಮಲ್ ನಾಥ್, ಕೇಂದ್ರ ಸರ್ಕಾರವು ಪರಿಸ್ಥಿತಿಯನ್ನು ನಿಭಾಯಿಸಿದ ರೀತಿಯನ್ನು ಶ್ಲಾಘಿಸಿದ್ದಾರೆ. ಸಾಮಾಜಿಕ ಜಾಲತಾಣದಲ್ಲಿ ಮಾಹಿತಿ ಹಂಚಿಕೊಂಡಿರುವ ಅವರು, ಸರ್ಕಾರದ ಕ್ರಮಗಳು ದೇಶದ ಹಿತಾಸಕ್ತಿಗೆ ಪೂರಕವಾಗಿವೆ ಎಂದು ಹೇಳಿದ್ದಾರೆ. ಎಲ್‌ಪಿಜಿ ಪೂರೈಕೆ ಬಗ್ಗೆ ಕಾಂಗ್ರೆಸ್ ನಿಲುವನ್ನು ಮಾಜಿ ಮುಖ್ಯಮಂತ್ರಿ ಕಮಲ್ ನಾಥ್ ಅವರು ಕೂಡ ಬೆಂಬಲಿಸಿದ್ದಾರೆ. ಹಲವು ಬಿಜೆಪಿ ನಾಯಕರು ಕಾಂಗ್ರೆಸ್ ಮೇಲೆ ದಾಳಿ ನಡೆಸಲು ಈ ಹೇಳಿಕೆಗಳನ್ನು ಬಳಸಿಕೊಳ್ಳುತ್ತಿದ್ದು, ಕಾಂಗ್ರೆಸ್ ನಾಯಕರು ಇದನ್ನು ಪಕ್ಷದ ಆಂತರಿಕ ಪ್ರಜಾಪ್ರಭುತ್ವದ ಸಂಕೇತ ಎಂದು ಸಮರ್ಥಿಸಿಕೊಂಡಿದ್ದಾರೆ.
Sanjevani - Printed and Published by B.T.Amuthan on behalf of M/s Karnataka News Publications (P) Ltd. Printed at Dinasudar Printing Division, 11/2, Queen's Road, Bangalore, Karnataka - 560052.
Published at M/s Karnataka News Publications (P) Ltd. 11/2, Queen's Road, Bangalore, Karnataka - 560052. Editor: B.T. Amuthan. RNI No 36667/82
